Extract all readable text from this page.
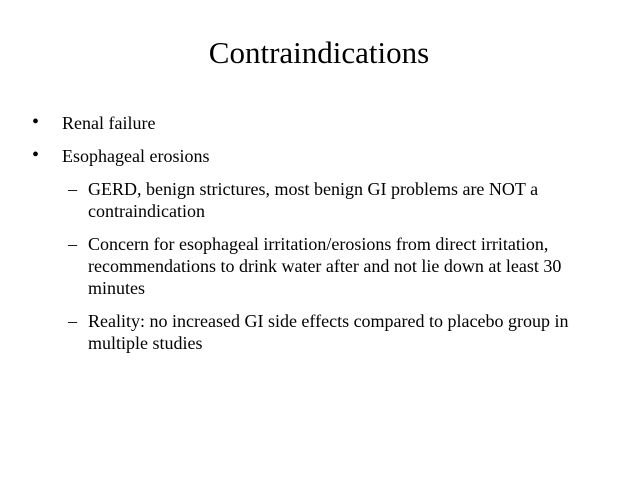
Contraindications
• Renal failure
• Esophageal erosions
– GERD, benign strictures, most benign GI problems are NOT a contraindication
– Concern for esophageal irritation/erosions from direct irritation, recommendations to drink water after and not lie down at least 30 minutes
– Reality: no increased GI side effects compared to placebo group in multiple studies
